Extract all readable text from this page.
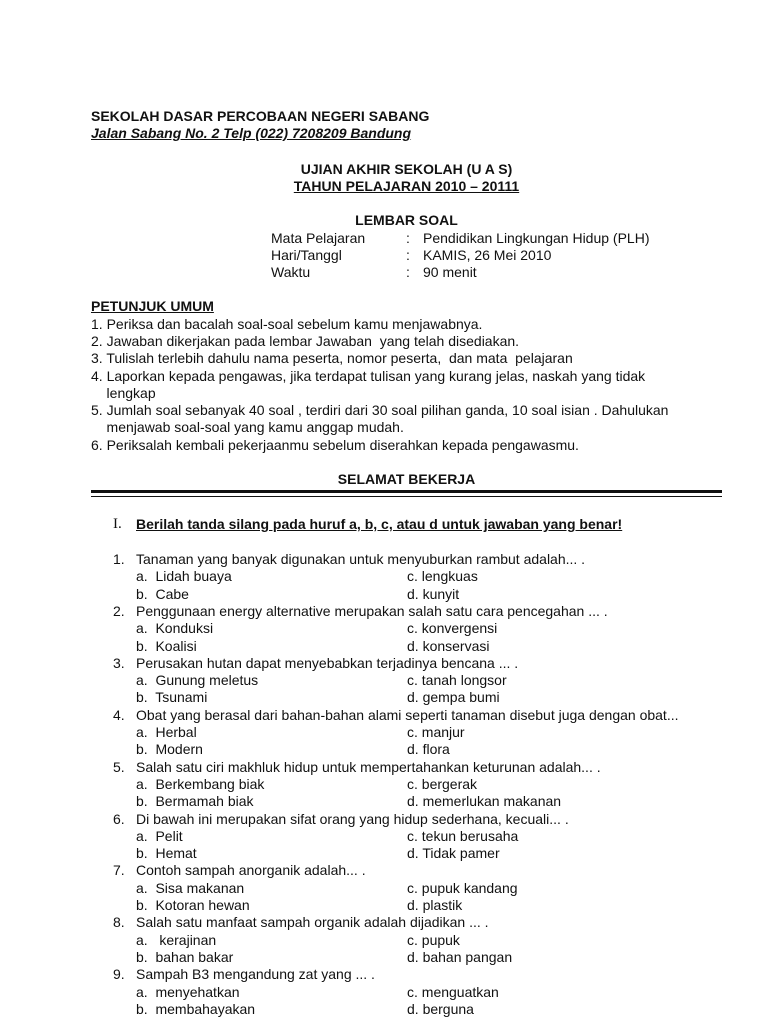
SEKOLAH DASAR PERCOBAAN NEGERI SABANG
Jalan Sabang No. 2 Telp (022) 7208209 Bandung
UJIAN AKHIR SEKOLAH (U A S)
TAHUN PELAJARAN 2010 – 20111
LEMBAR SOAL
Mata Pelajaran	: Pendidikan Lingkungan Hidup (PLH)
Hari/Tanggl	: KAMIS, 26 Mei 2010
Waktu	: 90 menit
PETUNJUK UMUM
1. Periksa dan bacalah soal-soal sebelum kamu menjawabnya.
2. Jawaban dikerjakan pada lembar Jawaban  yang telah disediakan.
3. Tulislah terlebih dahulu nama peserta, nomor peserta,  dan mata  pelajaran
4. Laporkan kepada pengawas, jika terdapat tulisan yang kurang jelas, naskah yang tidak
lengkap
5. Jumlah soal sebanyak 40 soal , terdiri dari 30 soal pilihan ganda, 10 soal isian . Dahulukan
menjawab soal-soal yang kamu anggap mudah.
6. Periksalah kembali pekerjaanmu sebelum diserahkan kepada pengawasmu.
SELAMAT BEKERJA
I. Berilah tanda silang pada huruf a, b, c, atau d untuk jawaban yang benar!
1. Tanaman yang banyak digunakan untuk menyuburkan rambut adalah... .
a.  Lidah buaya	c. lengkuas
b.  Cabe	d. kunyit
2. Penggunaan energy alternative merupakan salah satu cara pencegahan ... .
a.  Konduksi	c. konvergensi
b.  Koalisi	d. konservasi
3. Perusakan hutan dapat menyebabkan terjadinya bencana ... .
a.  Gunung meletus	c. tanah longsor
b.  Tsunami	d. gempa bumi
4. Obat yang berasal dari bahan-bahan alami seperti tanaman disebut juga dengan obat...
a.  Herbal	c. manjur
b.  Modern	d. flora
5. Salah satu ciri makhluk hidup untuk mempertahankan keturunan adalah... .
a.  Berkembang biak	c. bergerak
b.  Bermamah biak	d. memerlukan makanan
6. Di bawah ini merupakan sifat orang yang hidup sederhana, kecuali... .
a.  Pelit	c. tekun berusaha
b.  Hemat	d. Tidak pamer
7. Contoh sampah anorganik adalah... .
a.  Sisa makanan	c. pupuk kandang
b.  Kotoran hewan	d. plastik
8. Salah satu manfaat sampah organik adalah dijadikan ... .
a.   kerajinan	c. pupuk
b.  bahan bakar	d. bahan pangan
9. Sampah B3 mengandung zat yang ... .
a.  menyehatkan	c. menguatkan
b.  membahayakan	d. berguna
